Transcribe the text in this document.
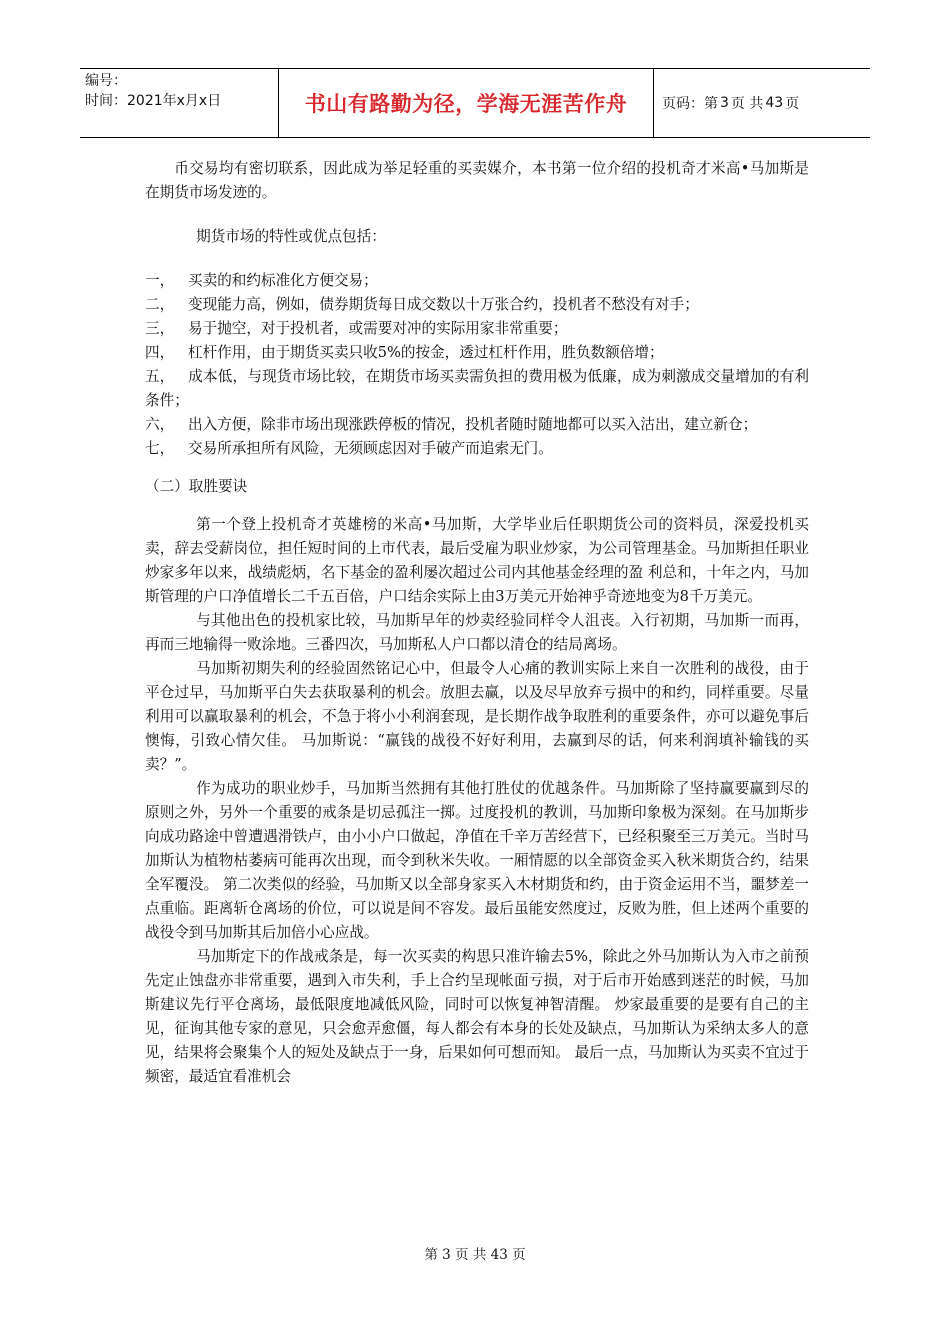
编号：
时间：2021年x月x日	书山有路勤为径，学海无涯苦作舟 页码：第 3 页 共 43 页

币交易均有密切联系，因此成为举足轻重的买卖媒介，本书第一位介绍的投机奇才米高•马加斯是在期货市场发迹的。

期货市场的特性或优点包括：

一， 买卖的和约标准化方便交易；

二， 变现能力高，例如，债券期货每日成交数以十万张合约，投机者不愁没有对手；

三， 易于抛空，对于投机者，或需要对冲的实际用家非常重要；

四， 杠杆作用，由于期货买卖只收5%的按金，透过杠杆作用，胜负数额倍增；

五， 成本低，与现货市场比较，在期货市场买卖需负担的费用极为低廉，成为刺激成交量增加的有利条件；

六， 出入方便，除非市场出现涨跌停板的情况，投机者随时随地都可以买入沽出，建立新仓；

七， 交易所承担所有风险，无须顾虑因对手破产而追索无门。

（二）取胜要诀

第一个登上投机奇才英雄榜的米高•马加斯，大学毕业后任职期货公司的资料员，深爱投机买卖，辞去受薪岗位，担任短时间的上市代表，最后受雇为职业炒家，为公司管理基金。马加斯担任职业炒家多年以来，战绩彪炳，名下基金的盈利屡次超过公司内其他基金经理的盈 利总和，十年之内，马加斯管理的户口净值增长二千五百倍，户口结余实际上由3万美元开始神乎奇迹地变为8千万美元。

与其他出色的投机家比较，马加斯早年的炒卖经验同样令人沮丧。入行初期，马加斯一而再，再而三地输得一败涂地。三番四次，马加斯私人户口都以清仓的结局离场。

马加斯初期失利的经验固然铭记心中，但最令人心痛的教训实际上来自一次胜利的战役，由于平仓过早，马加斯平白失去获取暴利的机会。放胆去赢，以及尽早放弃亏损中的和约，同样重要。尽量利用可以赢取暴利的机会，不急于将小小利润套现，是长期作战争取胜利的重要条件，亦可以避免事后懊悔，引致心情欠佳。 马加斯说：“赢钱的战役不好好利用，去赢到尽的话，何来利润填补输钱的买卖？”。

作为成功的职业炒手，马加斯当然拥有其他打胜仗的优越条件。马加斯除了坚持赢要赢到尽的原则之外，另外一个重要的戒条是切忌孤注一掷。过度投机的教训，马加斯印象极为深刻。在马加斯步向成功路途中曾遭遇滑铁卢，由小小户口做起，净值在千辛万苦经营下，已经积聚至三万美元。当时马加斯认为植物枯萎病可能再次出现，而令到秋米失收。一厢情愿的以全部资金买入秋米期货合约，结果全军覆没。 第二次类似的经验，马加斯又以全部身家买入木材期货和约，由于资金运用不当，噩梦差一点重临。距离斩仓离场的价位，可以说是间不容发。最后虽能安然度过，反败为胜，但上述两个重要的战役令到马加斯其后加倍小心应战。

马加斯定下的作战戒条是，每一次买卖的构思只准许输去5%，除此之外马加斯认为入市之前预先定止蚀盘亦非常重要，遇到入市失利，手上合约呈现帐面亏损，对于后市开始感到迷茫的时候，马加斯建议先行平仓离场，最低限度地减低风险，同时可以恢复神智清醒。 炒家最重要的是要有自己的主见，征询其他专家的意见，只会愈弄愈僵，每人都会有本身的长处及缺点，马加斯认为采纳太多人的意见，结果将会聚集个人的短处及缺点于一身，后果如何可想而知。 最后一点，马加斯认为买卖不宜过于频密，最适宜看准机会

第 3 页 共 43 页
